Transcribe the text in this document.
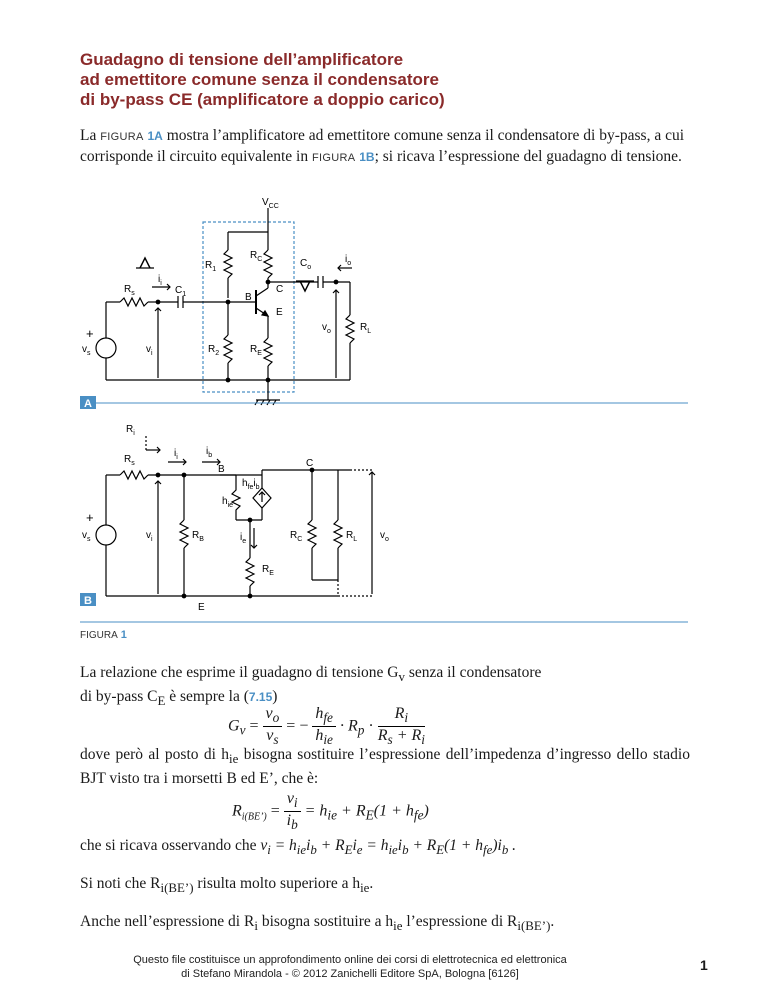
Guadagno di tensione dell’amplificatore
ad emettitore comune senza il condensatore
di by-pass CE (amplificatore a doppio carico)
La FIGURA 1A mostra l’amplificatore ad emettitore comune senza il condensatore di by-pass, a cui corrisponde il circuito equivalente in FIGURA 1B; si ricava l’espressione del guadagno di tensione.
$V_{CC}$
$R_1$
$R_C$	$C_o$
$i_o$
$R_s$
$i_i$
$C_1$	B
C
E
$v_o$	$R_L$
$v_s$	$v_i$	$R_2$	$R_E$
+
A
$R_i$
$R_s$
$i_i$
$i_b$
B
C
$h_{fe}i_b$
$h_{ie}$
$v_s$	$v_i$	$R_B$	$i_e$
$R_C$	$R_L$ $v_o$
$R_E$
E
+
B
FIGURA 1
La relazione che esprime il guadagno di tensione $G_v$ senza il condensatore
di by-pass $C_E$ è sempre la (7.15)
$G_v = \frac{v_o}{v_s}$ = − $\frac{h_{fe}}{h_{ie}} \cdot R_p \cdot \frac{R_i}{R_s + R_i}$
dove però al posto di $h_{ie}$ bisogna sostituire l’espressione dell’impedenza d’ingresso dello stadio BJT visto tra i morsetti B ed E’, che è:
$R_{i(BE’)} = \frac{v_i}{i_b} = h_{ie} + R_E(1 + h_{fe})$
che si ricava osservando che $v_i = h_{ie}i_b + R_Ei_e = h_{ie}i_b + R_E(1 + h_{fe})i_b$ .
Si noti che $R_{i(BE’)}$ risulta molto superiore a $h_{ie}$.
Anche nell’espressione di $R_i$ bisogna sostituire a $h_{ie}$ l’espressione di $R_{i(BE’)}$.
Questo file costituisce un approfondimento online dei corsi di elettrotecnica ed elettronica
di Stefano Mirandola - © 2012 Zanichelli Editore SpA, Bologna [6126]
1
